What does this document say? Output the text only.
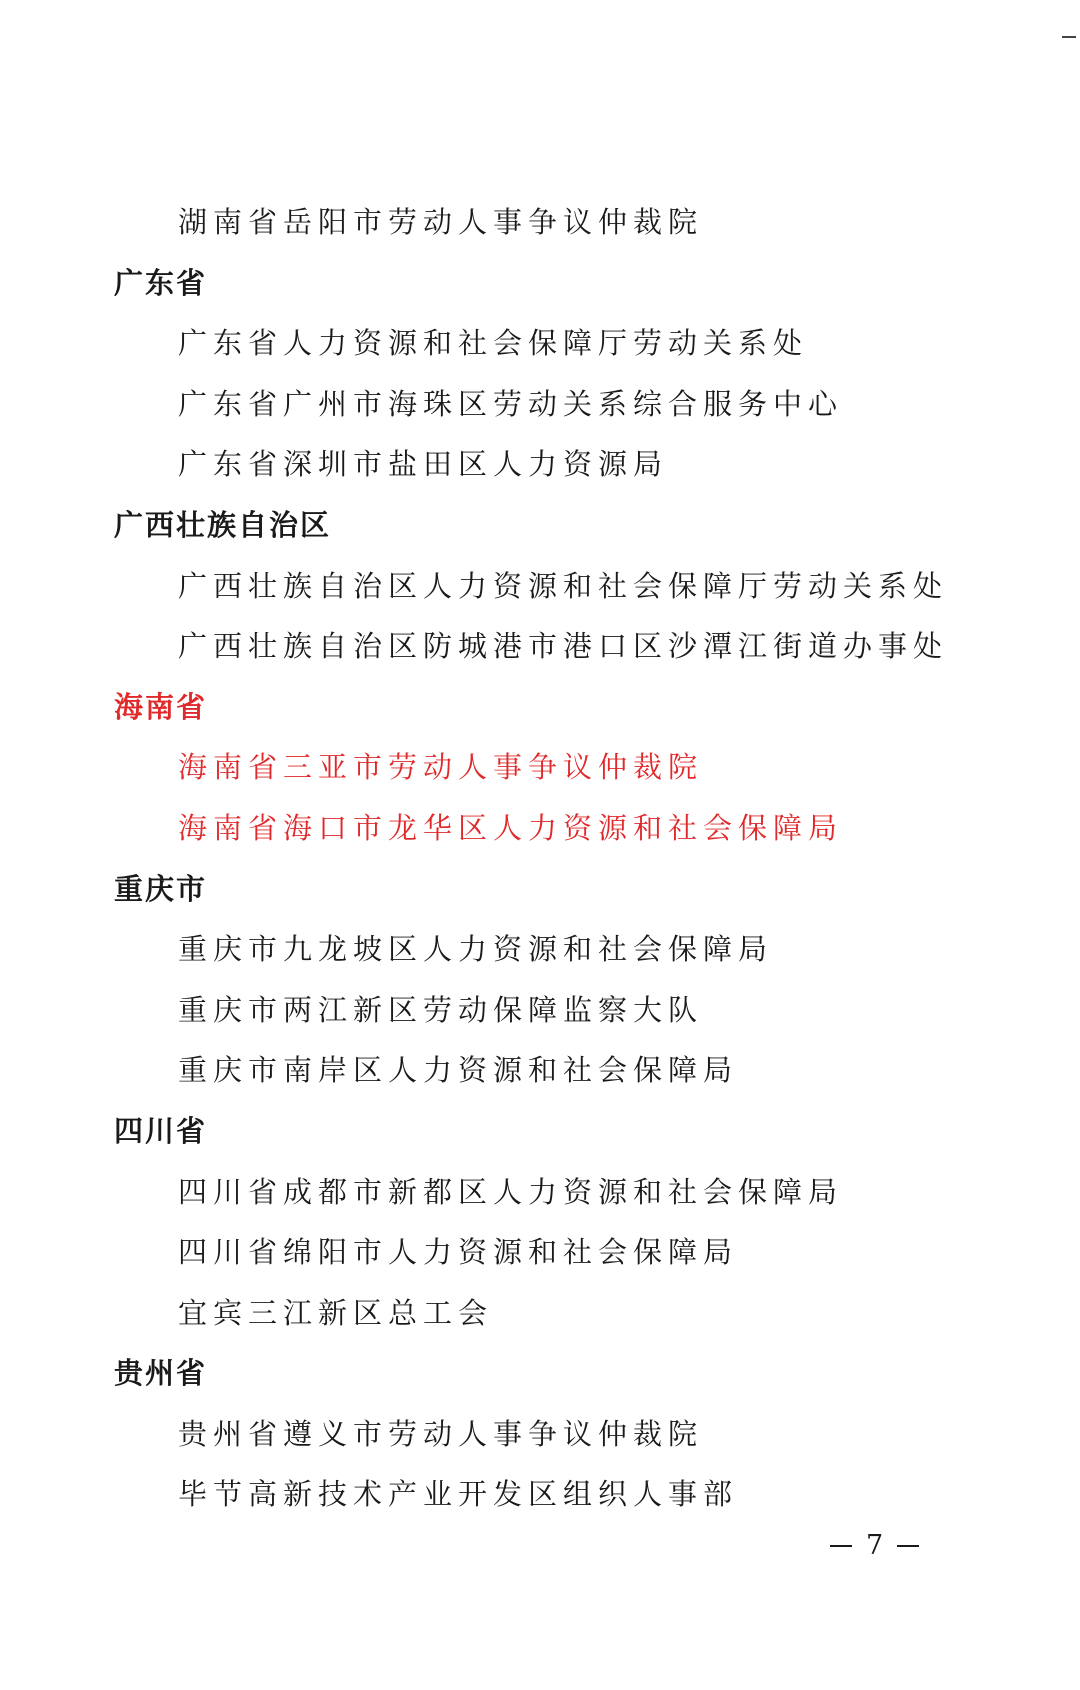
湖南省岳阳市劳动人事争议仲裁院
广东省
广东省人力资源和社会保障厅劳动关系处
广东省广州市海珠区劳动关系综合服务中心
广东省深圳市盐田区人力资源局
广西壮族自治区
广西壮族自治区人力资源和社会保障厅劳动关系处
广西壮族自治区防城港市港口区沙潭江街道办事处
海南省
海南省三亚市劳动人事争议仲裁院
海南省海口市龙华区人力资源和社会保障局
重庆市
重庆市九龙坡区人力资源和社会保障局
重庆市两江新区劳动保障监察大队
重庆市南岸区人力资源和社会保障局
四川省
四川省成都市新都区人力资源和社会保障局
四川省绵阳市人力资源和社会保障局
宜宾三江新区总工会
贵州省
贵州省遵义市劳动人事争议仲裁院
毕节高新技术产业开发区组织人事部
7
